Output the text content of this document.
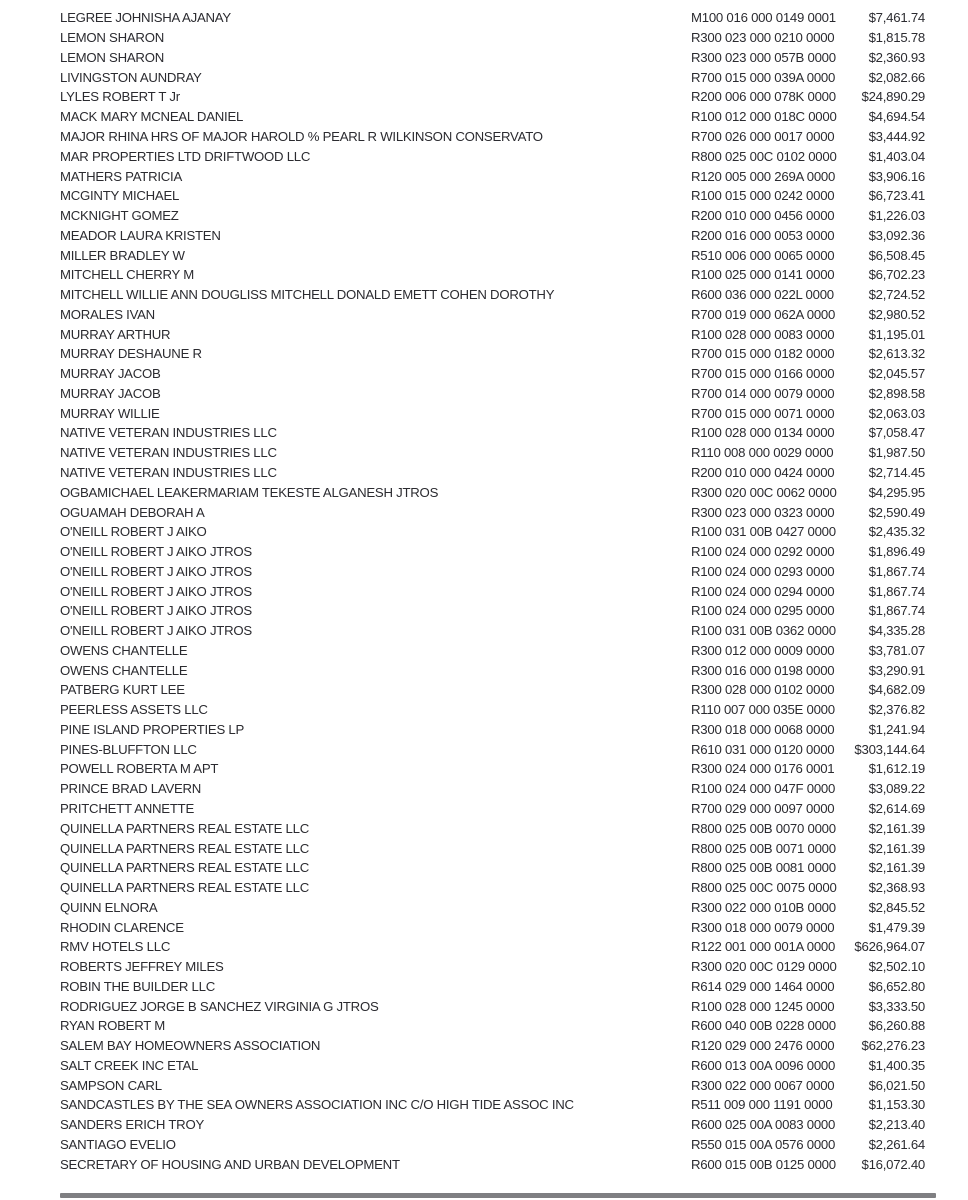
LEGREE JOHNISHA AJANAY	M100 016 000 0149 0001	$7,461.74
LEMON SHARON	R300 023 000 0210 0000	$1,815.78
LEMON SHARON	R300 023 000 057B 0000	$2,360.93
LIVINGSTON AUNDRAY	R700 015 000 039A 0000	$2,082.66
LYLES ROBERT T Jr	R200 006 000 078K 0000	$24,890.29
MACK MARY MCNEAL DANIEL	R100 012 000 018C 0000	$4,694.54
MAJOR RHINA HRS OF MAJOR HAROLD % PEARL R WILKINSON CONSERVATO	R700 026 000 0017 0000	$3,444.92
MAR PROPERTIES LTD DRIFTWOOD LLC	R800 025 00C 0102 0000	$1,403.04
MATHERS PATRICIA	R120 005 000 269A 0000	$3,906.16
MCGINTY MICHAEL	R100 015 000 0242 0000	$6,723.41
MCKNIGHT GOMEZ	R200 010 000 0456 0000	$1,226.03
MEADOR LAURA KRISTEN	R200 016 000 0053 0000	$3,092.36
MILLER BRADLEY W	R510 006 000 0065 0000	$6,508.45
MITCHELL CHERRY M	R100 025 000 0141 0000	$6,702.23
MITCHELL WILLIE ANN DOUGLISS MITCHELL DONALD EMETT COHEN DOROTHY	R600 036 000 022L 0000	$2,724.52
MORALES IVAN	R700 019 000 062A 0000	$2,980.52
MURRAY ARTHUR	R100 028 000 0083 0000	$1,195.01
MURRAY DESHAUNE R	R700 015 000 0182 0000	$2,613.32
MURRAY JACOB	R700 015 000 0166 0000	$2,045.57
MURRAY JACOB	R700 014 000 0079 0000	$2,898.58
MURRAY WILLIE	R700 015 000 0071 0000	$2,063.03
NATIVE VETERAN INDUSTRIES LLC	R100 028 000 0134 0000	$7,058.47
NATIVE VETERAN INDUSTRIES LLC	R110 008 000 0029 0000	$1,987.50
NATIVE VETERAN INDUSTRIES LLC	R200 010 000 0424 0000	$2,714.45
OGBAMICHAEL LEAKERMARIAM TEKESTE ALGANESH JTROS	R300 020 00C 0062 0000	$4,295.95
OGUAMAH DEBORAH A	R300 023 000 0323 0000	$2,590.49
O'NEILL ROBERT J AIKO	R100 031 00B 0427 0000	$2,435.32
O'NEILL ROBERT J AIKO JTROS	R100 024 000 0292 0000	$1,896.49
O'NEILL ROBERT J AIKO JTROS	R100 024 000 0293 0000	$1,867.74
O'NEILL ROBERT J AIKO JTROS	R100 024 000 0294 0000	$1,867.74
O'NEILL ROBERT J AIKO JTROS	R100 024 000 0295 0000	$1,867.74
O'NEILL ROBERT J AIKO JTROS	R100 031 00B 0362 0000	$4,335.28
OWENS CHANTELLE	R300 012 000 0009 0000	$3,781.07
OWENS CHANTELLE	R300 016 000 0198 0000	$3,290.91
PATBERG KURT LEE	R300 028 000 0102 0000	$4,682.09
PEERLESS ASSETS LLC	R110 007 000 035E 0000	$2,376.82
PINE ISLAND PROPERTIES LP	R300 018 000 0068 0000	$1,241.94
PINES-BLUFFTON LLC	R610 031 000 0120 0000	$303,144.64
POWELL ROBERTA M APT	R300 024 000 0176 0001	$1,612.19
PRINCE BRAD LAVERN	R100 024 000 047F 0000	$3,089.22
PRITCHETT ANNETTE	R700 029 000 0097 0000	$2,614.69
QUINELLA PARTNERS REAL ESTATE LLC	R800 025 00B 0070 0000	$2,161.39
QUINELLA PARTNERS REAL ESTATE LLC	R800 025 00B 0071 0000	$2,161.39
QUINELLA PARTNERS REAL ESTATE LLC	R800 025 00B 0081 0000	$2,161.39
QUINELLA PARTNERS REAL ESTATE LLC	R800 025 00C 0075 0000	$2,368.93
QUINN ELNORA	R300 022 000 010B 0000	$2,845.52
RHODIN CLARENCE	R300 018 000 0079 0000	$1,479.39
RMV HOTELS LLC	R122 001 000 001A 0000	$626,964.07
ROBERTS JEFFREY MILES	R300 020 00C 0129 0000	$2,502.10
ROBIN THE BUILDER LLC	R614 029 000 1464 0000	$6,652.80
RODRIGUEZ JORGE B SANCHEZ VIRGINIA G JTROS	R100 028 000 1245 0000	$3,333.50
RYAN ROBERT M	R600 040 00B 0228 0000	$6,260.88
SALEM BAY HOMEOWNERS ASSOCIATION	R120 029 000 2476 0000	$62,276.23
SALT CREEK INC ETAL	R600 013 00A 0096 0000	$1,400.35
SAMPSON CARL	R300 022 000 0067 0000	$6,021.50
SANDCASTLES BY THE SEA OWNERS ASSOCIATION INC C/O HIGH TIDE ASSOC INC	R511 009 000 1191 0000	$1,153.30
SANDERS ERICH TROY	R600 025 00A 0083 0000	$2,213.40
SANTIAGO EVELIO	R550 015 00A 0576 0000	$2,261.64
SECRETARY OF HOUSING AND URBAN DEVELOPMENT	R600 015 00B 0125 0000	$16,072.40
